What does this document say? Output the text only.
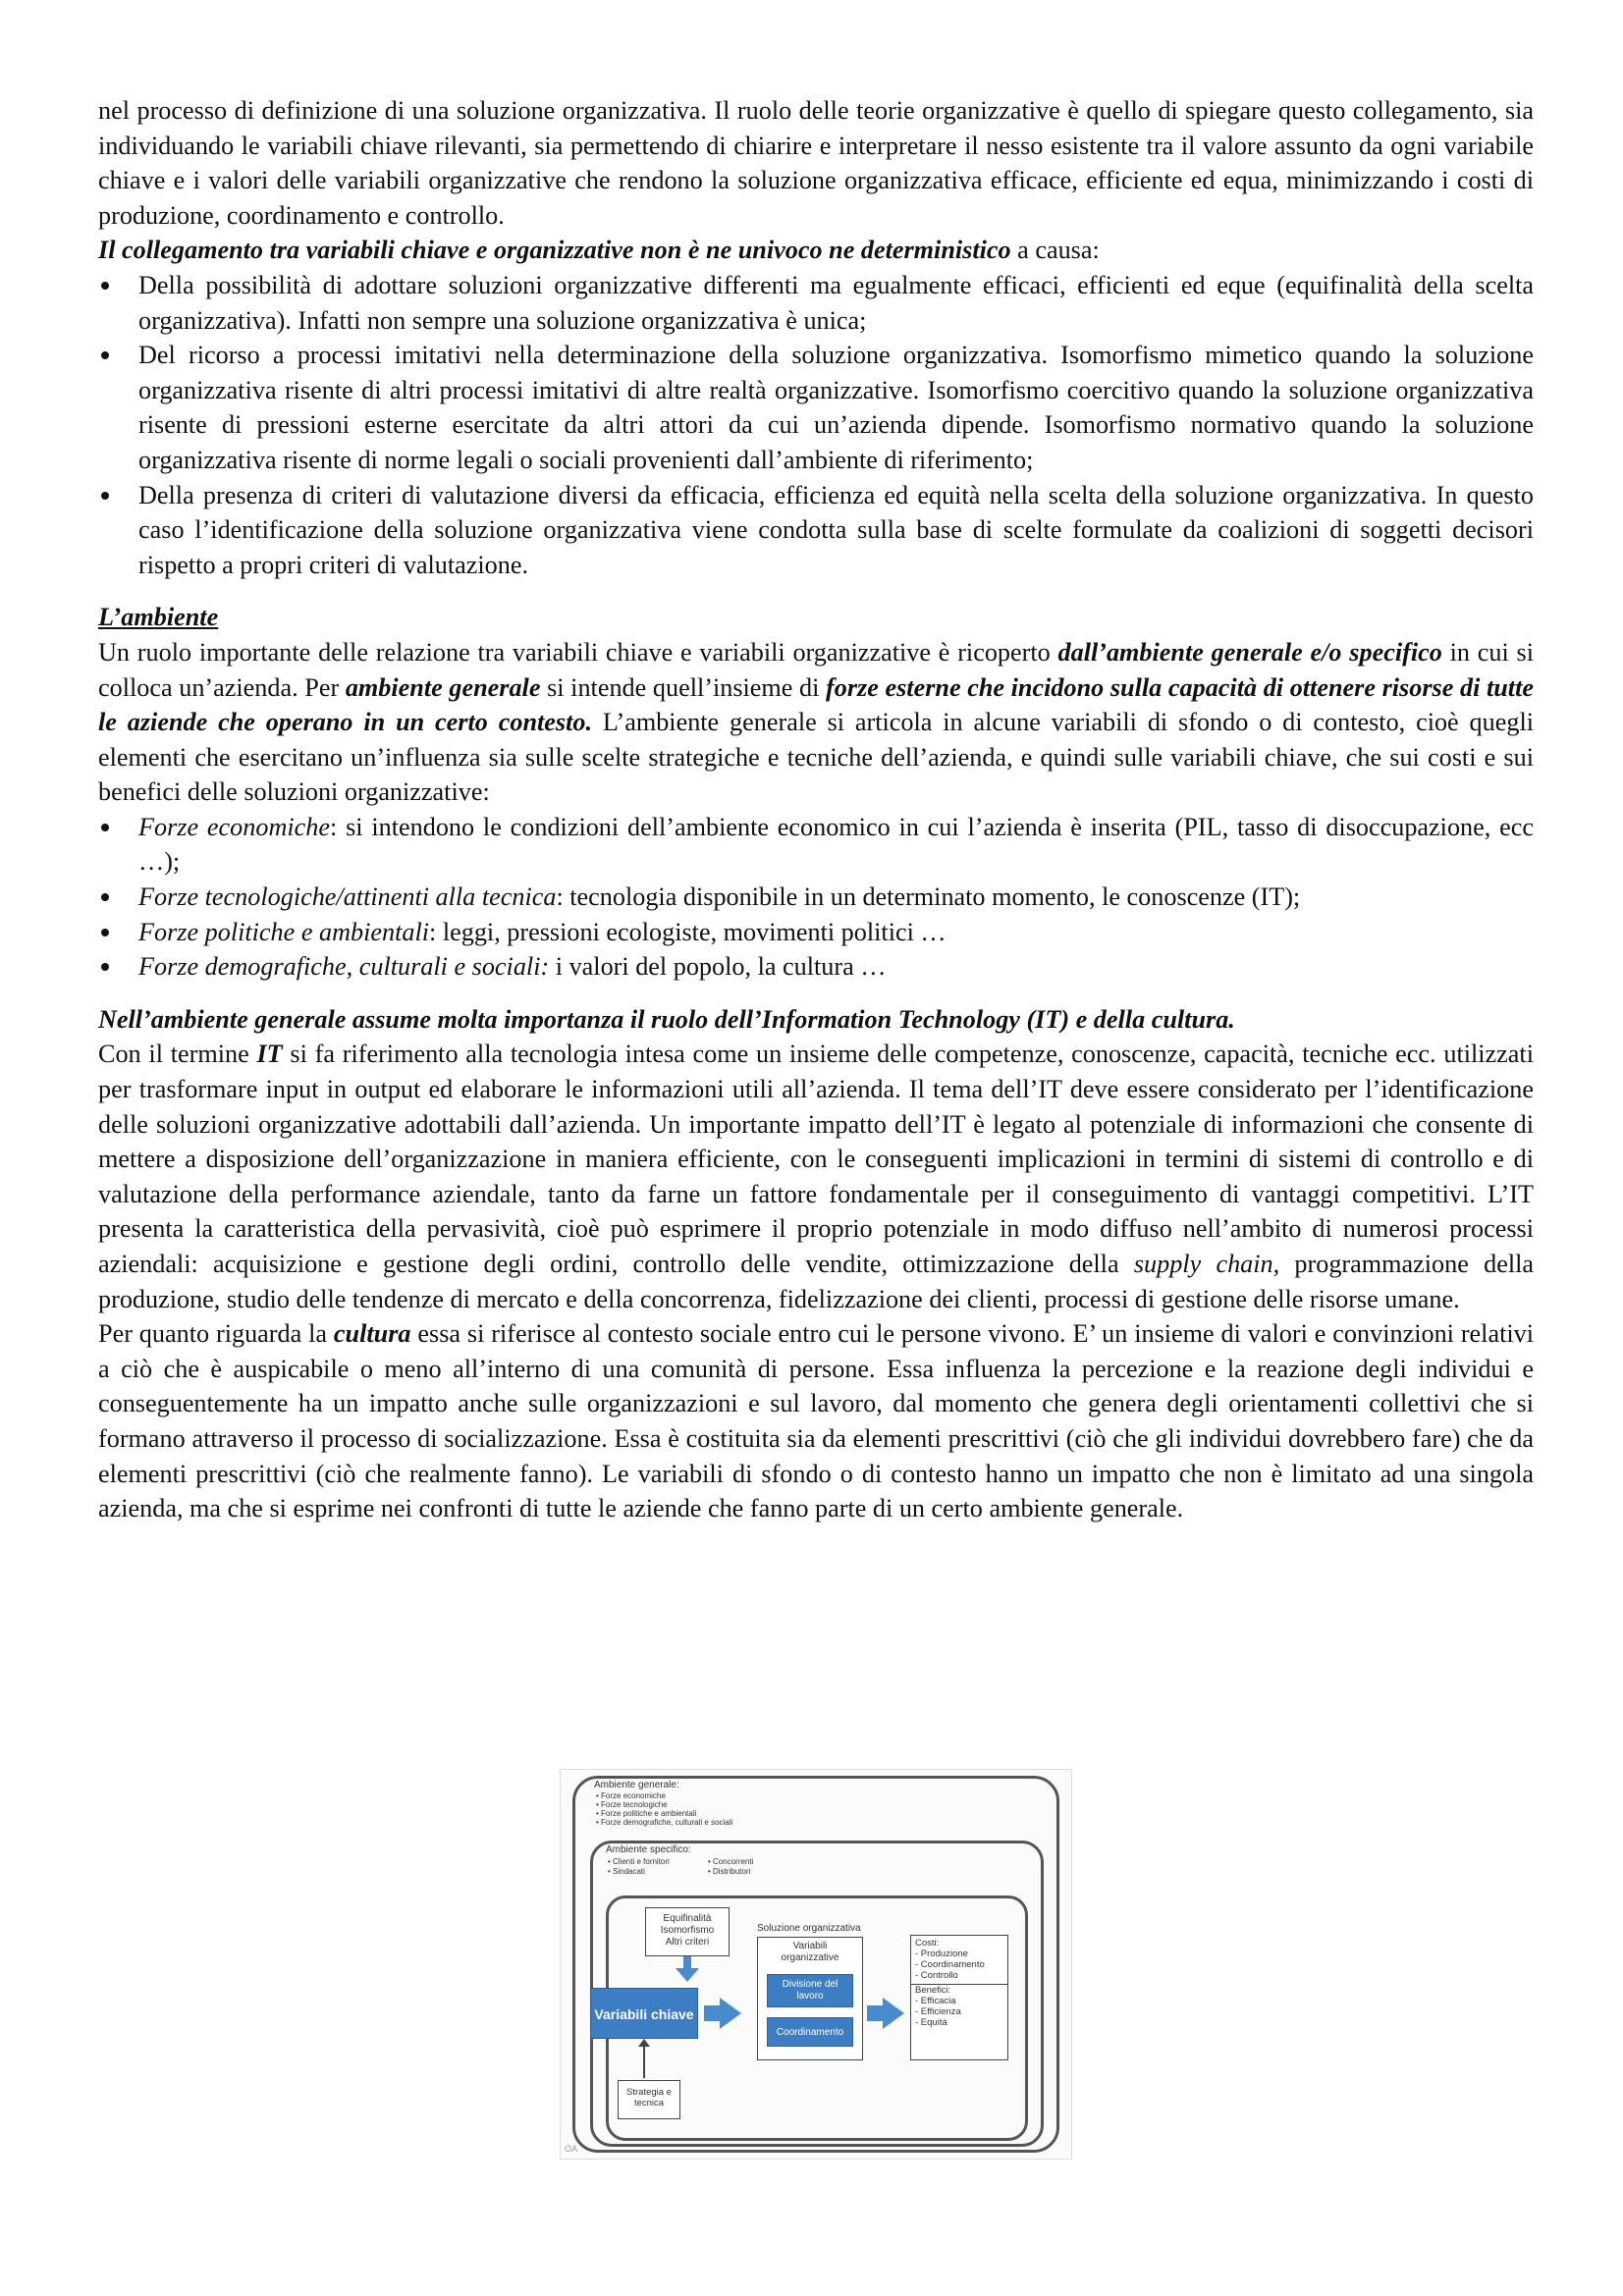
nel processo di definizione di una soluzione organizzativa. Il ruolo delle teorie organizzative è quello di spiegare questo collegamento, sia individuando le variabili chiave rilevanti, sia permettendo di chiarire e interpretare il nesso esistente tra il valore assunto da ogni variabile chiave e i valori delle variabili organizzative che rendono la soluzione organizzativa efficace, efficiente ed equa, minimizzando i costi di produzione, coordinamento e controllo.

Il collegamento tra variabili chiave e organizzative non è ne univoco ne deterministico a causa:

Della possibilità di adottare soluzioni organizzative differenti ma egualmente efficaci, efficienti ed eque (equifinalità della scelta organizzativa). Infatti non sempre una soluzione organizzativa è unica;
Del ricorso a processi imitativi nella determinazione della soluzione organizzativa. Isomorfismo mimetico quando la soluzione organizzativa risente di altri processi imitativi di altre realtà organizzative. Isomorfismo coercitivo quando la soluzione organizzativa risente di pressioni esterne esercitate da altri attori da cui un’azienda dipende. Isomorfismo normativo quando la soluzione organizzativa risente di norme legali o sociali provenienti dall’ambiente di riferimento;
Della presenza di criteri di valutazione diversi da efficacia, efficienza ed equità nella scelta della soluzione organizzativa. In questo caso l’identificazione della soluzione organizzativa viene condotta sulla base di scelte formulate da coalizioni di soggetti decisori rispetto a propri criteri di valutazione.

L’ambiente

Un ruolo importante delle relazione tra variabili chiave e variabili organizzative è ricoperto dall’ambiente generale e/o specifico in cui si colloca un’azienda. Per ambiente generale si intende quell’insieme di forze esterne che incidono sulla capacità di ottenere risorse di tutte le aziende che operano in un certo contesto. L’ambiente generale si articola in alcune variabili di sfondo o di contesto, cioè quegli elementi che esercitano un’influenza sia sulle scelte strategiche e tecniche dell’azienda, e quindi sulle variabili chiave, che sui costi e sui benefici delle soluzioni organizzative:

Forze economiche: si intendono le condizioni dell’ambiente economico in cui l’azienda è inserita (PIL, tasso di disoccupazione, ecc …);
Forze tecnologiche/attinenti alla tecnica: tecnologia disponibile in un determinato momento, le conoscenze (IT);
Forze politiche e ambientali: leggi, pressioni ecologiste, movimenti politici …
Forze demografiche, culturali e sociali: i valori del popolo, la cultura …

Nell’ambiente generale assume molta importanza il ruolo dell’Information Technology (IT) e della cultura.

Con il termine IT si fa riferimento alla tecnologia intesa come un insieme delle competenze, conoscenze, capacità, tecniche ecc. utilizzati per trasformare input in output ed elaborare le informazioni utili all’azienda. Il tema dell’IT deve essere considerato per l’identificazione delle soluzioni organizzative adottabili dall’azienda. Un importante impatto dell’IT è legato al potenziale di informazioni che consente di mettere a disposizione dell’organizzazione in maniera efficiente, con le conseguenti implicazioni in termini di sistemi di controllo e di valutazione della performance aziendale, tanto da farne un fattore fondamentale per il conseguimento di vantaggi competitivi. L’IT presenta la caratteristica della pervasività, cioè può esprimere il proprio potenziale in modo diffuso nell’ambito di numerosi processi aziendali: acquisizione e gestione degli ordini, controllo delle vendite, ottimizzazione della supply chain, programmazione della produzione, studio delle tendenze di mercato e della concorrenza, fidelizzazione dei clienti, processi di gestione delle risorse umane.

Per quanto riguarda la cultura essa si riferisce al contesto sociale entro cui le persone vivono. E’ un insieme di valori e convinzioni relativi a ciò che è auspicabile o meno all’interno di una comunità di persone. Essa influenza la percezione e la reazione degli individui e conseguentemente ha un impatto anche sulle organizzazioni e sul lavoro, dal momento che genera degli orientamenti collettivi che si formano attraverso il processo di socializzazione. Essa è costituita sia da elementi prescrittivi (ciò che gli individui dovrebbero fare) che da elementi prescrittivi (ciò che realmente fanno). Le variabili di sfondo o di contesto hanno un impatto che non è limitato ad una singola azienda, ma che si esprime nei confronti di tutte le aziende che fanno parte di un certo ambiente generale.

Ambiente generale:
• Forze economiche
• Forze tecnologiche
• Forze politiche e ambientali
• Forze demografiche, culturali e sociali
Ambiente specifico:
• Clienti e fornitori
• Sindacati
• Concorrenti
• Distributori
Equifinalità
Isomorfismo
Altri criteri
Variabili chiave
Soluzione organizzativa
Variabili
organizzative
Divisione del
lavoro
Coordinamento
Costi:
- Produzione
- Coordinamento
- Controllo
Benefici:
- Efficacia
- Efficienza
- Equità
Strategia e
tecnica
OA
